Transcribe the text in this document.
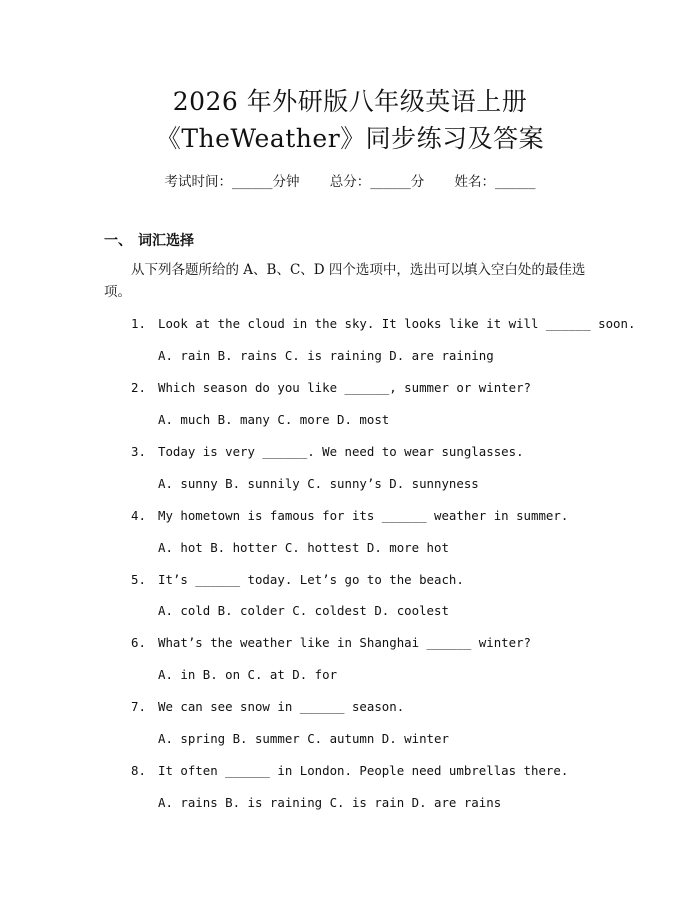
2026 年外研版八年级英语上册
《TheWeather》同步练习及答案
考试时间：______分钟 总分：______分 姓名：______
一、 词汇选择
从下列各题所给的 A、B、C、D 四个选项中，选出可以填入空白处的最佳选项。
1. Look at the cloud in the sky. It looks like it will ______ soon.
A. rain B. rains C. is raining D. are raining
2. Which season do you like ______, summer or winter?
A. much B. many C. more D. most
3. Today is very ______. We need to wear sunglasses.
A. sunny B. sunnily C. sunny’s D. sunnyness
4. My hometown is famous for its ______ weather in summer.
A. hot B. hotter C. hottest D. more hot
5. It’s ______ today. Let’s go to the beach.
A. cold B. colder C. coldest D. coolest
6. What’s the weather like in Shanghai ______ winter?
A. in B. on C. at D. for
7. We can see snow in ______ season.
A. spring B. summer C. autumn D. winter
8. It often ______ in London. People need umbrellas there.
A. rains B. is raining C. is rain D. are rains
